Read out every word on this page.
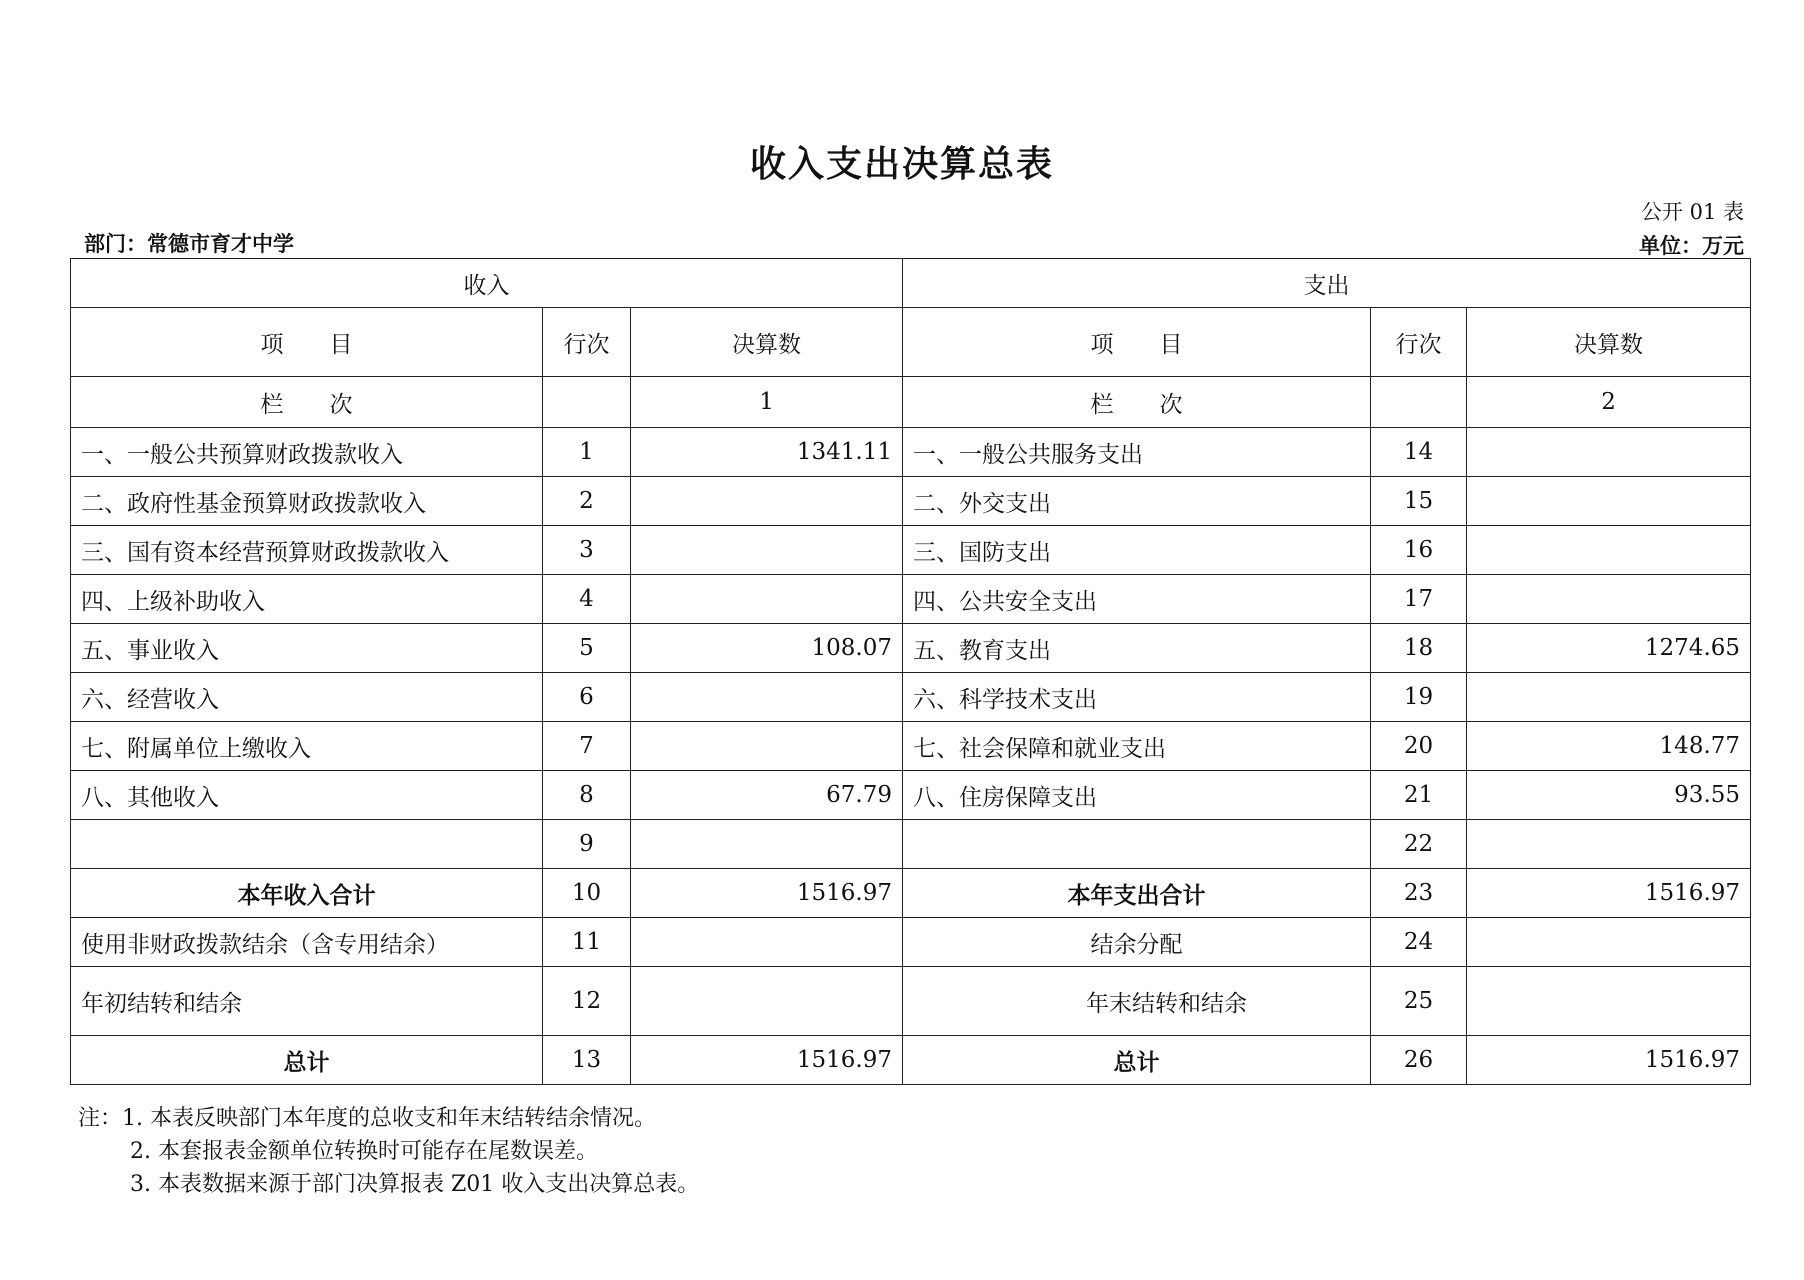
收入支出决算总表
公开 01 表
部门：常德市育才中学	单位：万元
收入			支出		
项　　目	行次	决算数	项　　目	行次	决算数
栏　　次		1	栏　　次		2
一、一般公共预算财政拨款收入	1	1341.11	一、一般公共服务支出	14	
二、政府性基金预算财政拨款收入	2		二、外交支出	15	
三、国有资本经营预算财政拨款收入	3		三、国防支出	16	
四、上级补助收入	4		四、公共安全支出	17	
五、事业收入	5	108.07	五、教育支出	18	1274.65
六、经营收入	6		六、科学技术支出	19	
七、附属单位上缴收入	7		七、社会保障和就业支出	20	148.77
八、其他收入	8	67.79	八、住房保障支出	21	93.55
	9			22	
本年收入合计	10	1516.97	本年支出合计	23	1516.97
使用非财政拨款结余（含专用结余）	11		结余分配	24	
年初结转和结余	12		年末结转和结余	25	
总计	13	1516.97	总计	26	1516.97
注：1. 本表反映部门本年度的总收支和年末结转结余情况。
2. 本套报表金额单位转换时可能存在尾数误差。
3. 本表数据来源于部门决算报表 Z01 收入支出决算总表。
